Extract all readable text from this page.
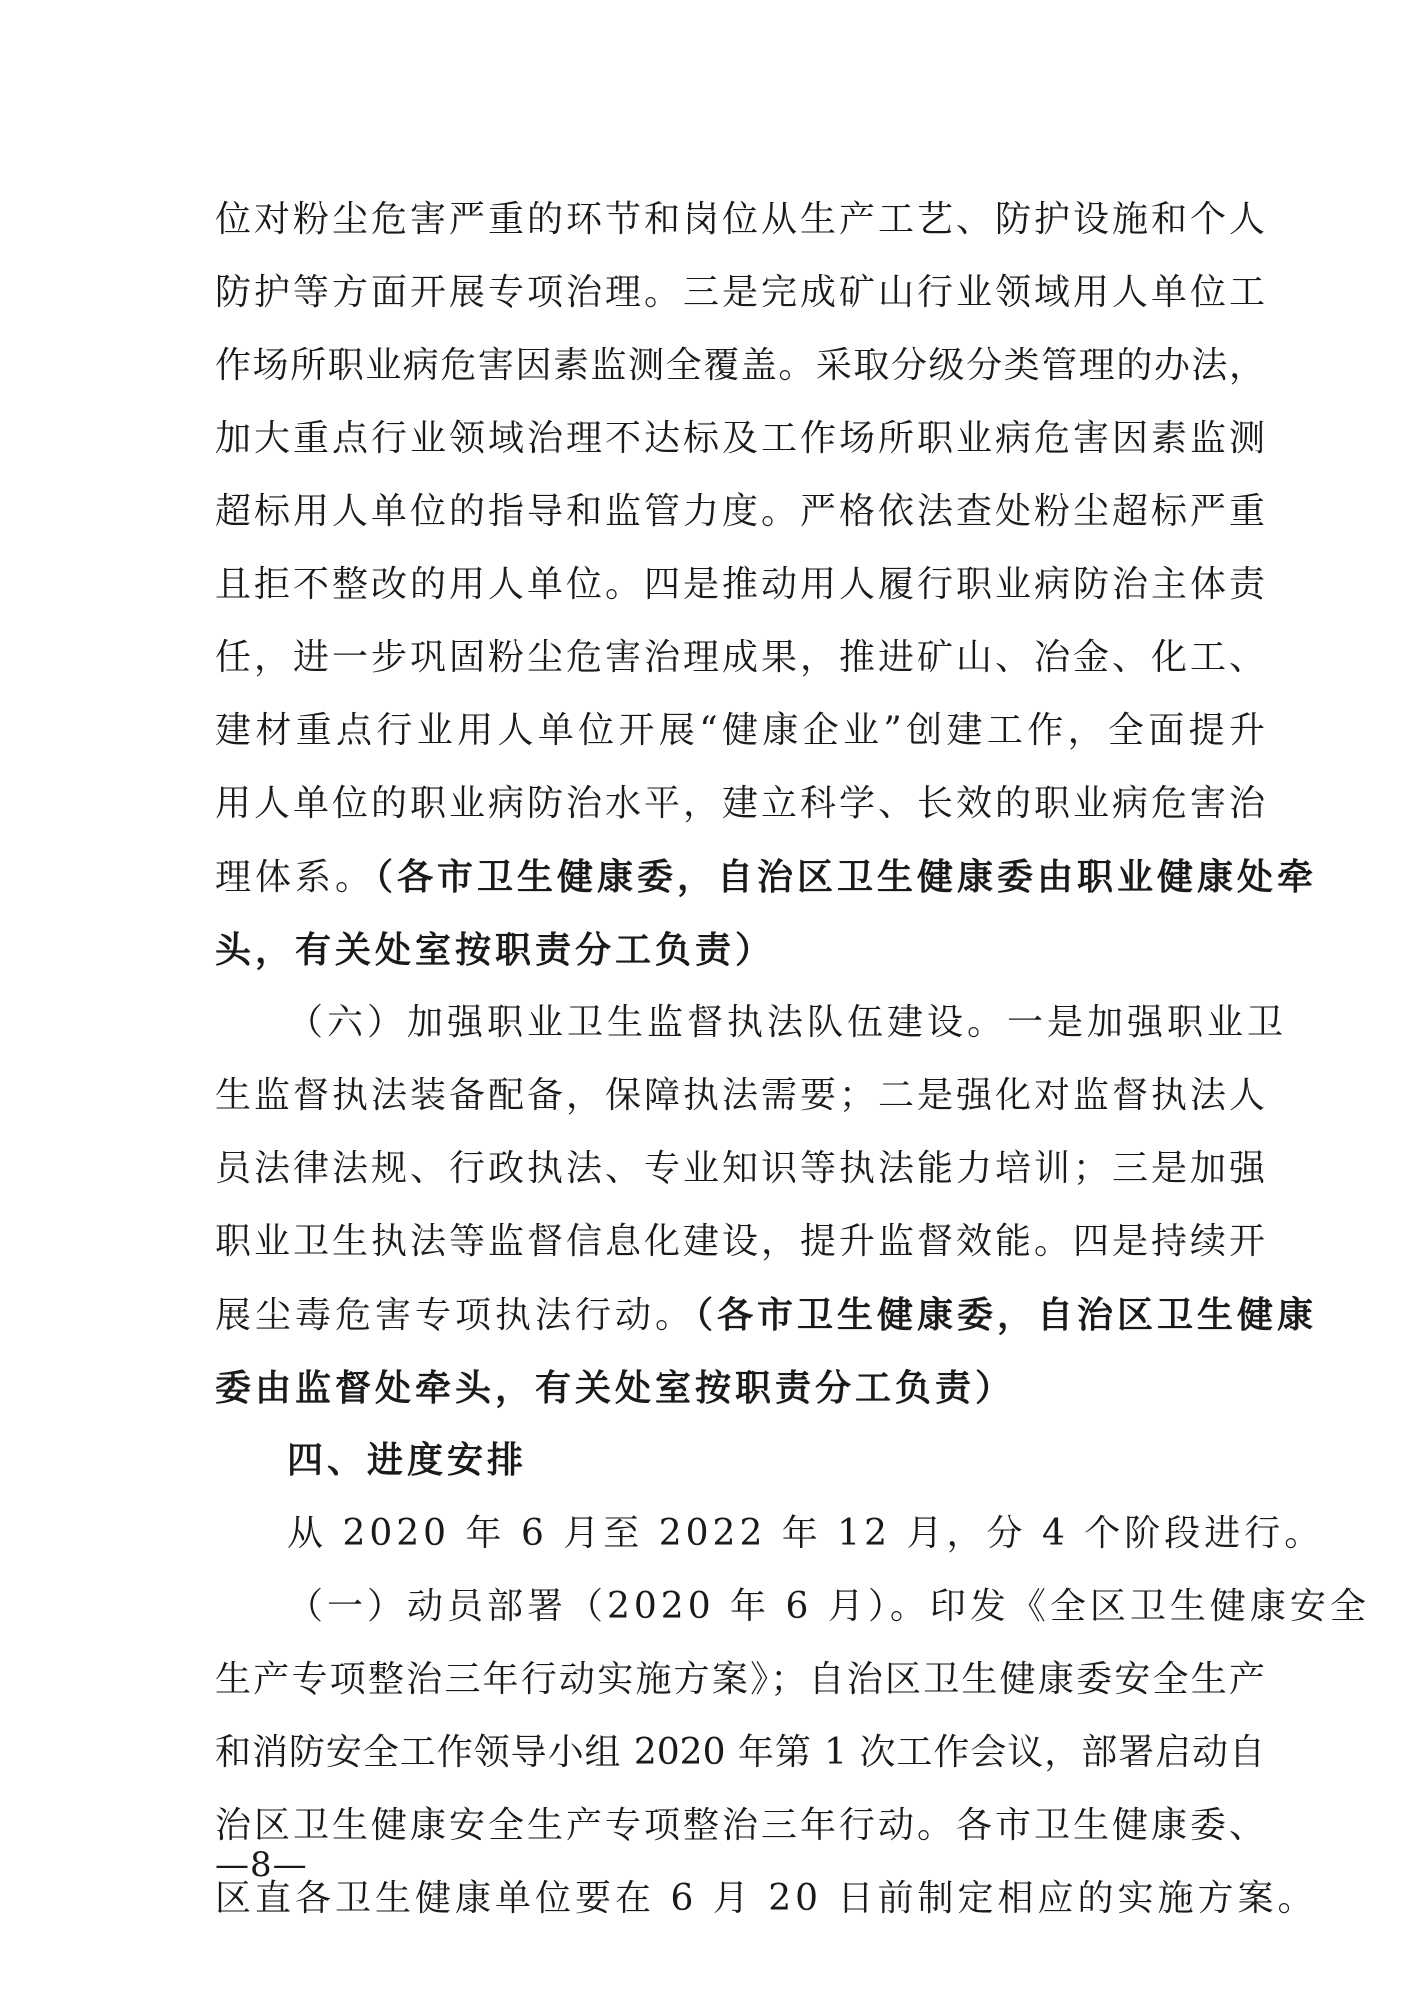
位对粉尘危害严重的环节和岗位从生产工艺、防护设施和个人
防护等方面开展专项治理。三是完成矿山行业领域用人单位工
作场所职业病危害因素监测全覆盖。采取分级分类管理的办法，
加大重点行业领域治理不达标及工作场所职业病危害因素监测
超标用人单位的指导和监管力度。严格依法查处粉尘超标严重
且拒不整改的用人单位。四是推动用人履行职业病防治主体责
任，进一步巩固粉尘危害治理成果，推进矿山、冶金、化工、
建材重点行业用人单位开展“健康企业”创建工作，全面提升
用人单位的职业病防治水平，建立科学、长效的职业病危害治
理体系。（各市卫生健康委，自治区卫生健康委由职业健康处牵
头，有关处室按职责分工负责）
（六）加强职业卫生监督执法队伍建设。一是加强职业卫
生监督执法装备配备，保障执法需要；二是强化对监督执法人
员法律法规、行政执法、专业知识等执法能力培训；三是加强
职业卫生执法等监督信息化建设，提升监督效能。四是持续开
展尘毒危害专项执法行动。（各市卫生健康委，自治区卫生健康
委由监督处牵头，有关处室按职责分工负责）
四、进度安排
从 2020 年 6 月至 2022 年 12 月，分 4 个阶段进行。
（一）动员部署（2020 年 6 月）。印发《全区卫生健康安全
生产专项整治三年行动实施方案》；自治区卫生健康委安全生产
和消防安全工作领导小组 2020 年第 1 次工作会议，部署启动自
治区卫生健康安全生产专项整治三年行动。各市卫生健康委、
区直各卫生健康单位要在 6 月 20 日前制定相应的实施方案。
—8—
